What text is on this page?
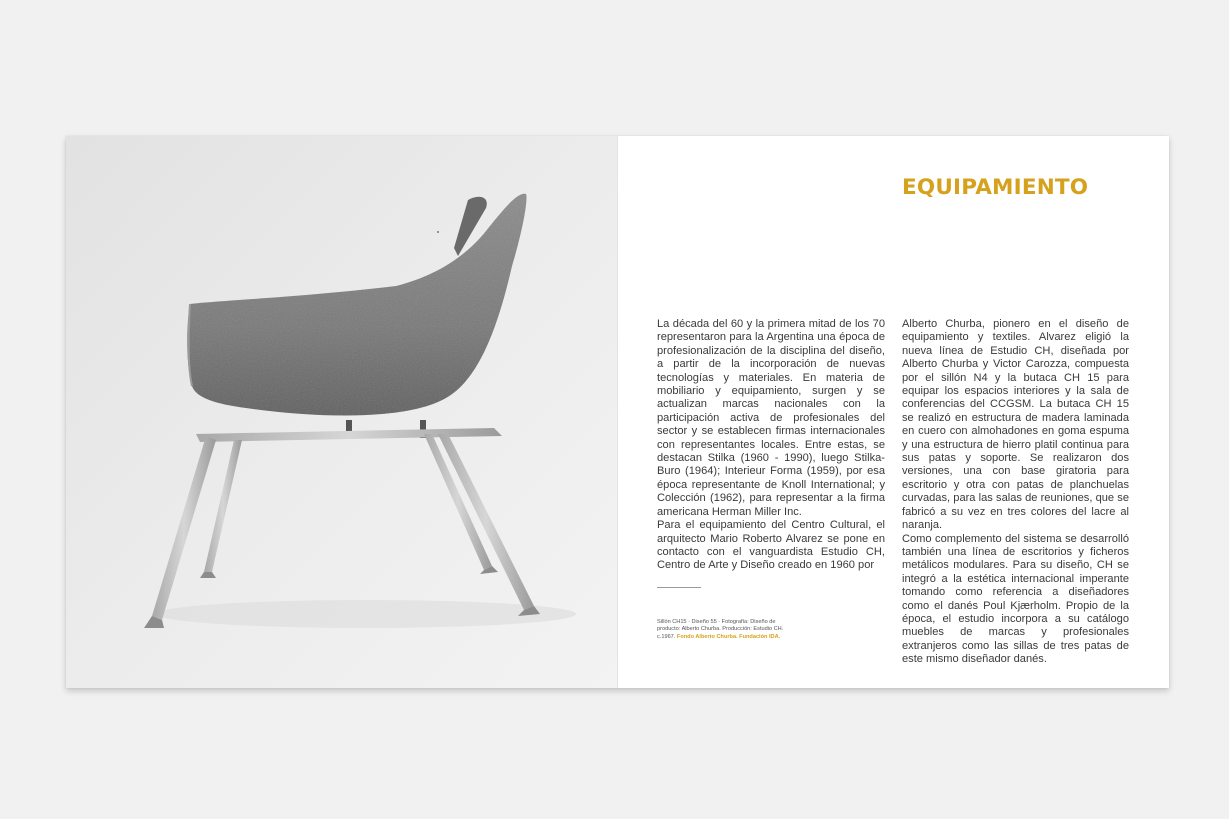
EQUIPAMIENTO

La década del 60 y la primera mitad de los 70 representaron para la Argentina una época de profesionalización de la disciplina del diseño, a partir de la incorporación de nuevas tecnologías y materiales. En materia de mobiliario y equipamiento, surgen y se actualizan marcas nacionales con la participación activa de profesionales del sector y se establecen firmas internacionales con representantes locales. Entre estas, se destacan Stilka (1960 - 1990), luego Stilka-Buro (1964); Interieur Forma (1959), por esa época representante de Knoll International; y Colección (1962), para representar a la firma americana Herman Miller Inc.

Para el equipamiento del Centro Cultural, el arquitecto Mario Roberto Alvarez se pone en contacto con el vanguardista Estudio CH, Centro de Arte y Diseño creado en 1960 por

Alberto Churba, pionero en el diseño de equipamiento y textiles. Alvarez eligió la nueva línea de Estudio CH, diseñada por Alberto Churba y Victor Carozza, compuesta por el sillón N4 y la butaca CH 15 para equipar los espacios interiores y la sala de conferencias del CCGSM. La butaca CH 15 se realizó en estructura de madera laminada en cuero con almohadones en goma espuma y una estructura de hierro platil continua para sus patas y soporte. Se realizaron dos versiones, una con base giratoria para escritorio y otra con patas de planchuelas curvadas, para las salas de reuniones, que se fabricó a su vez en tres colores del lacre al naranja.

Como complemento del sistema se desarrolló también una línea de escritorios y ficheros metálicos modulares. Para su diseño, CH se integró a la estética internacional imperante tomando como referencia a diseñadores como el danés Poul Kjærholm. Propio de la época, el estudio incorpora a su catálogo muebles de marcas y profesionales extranjeros como las sillas de tres patas de este mismo diseñador danés.

Sillón CH15 · Diseño 55 · Fotografía: Diseño de producto: Alberto Churba. Producción: Estudio CH. c.1967. Fondo Alberto Churba. Fundación IDA.
